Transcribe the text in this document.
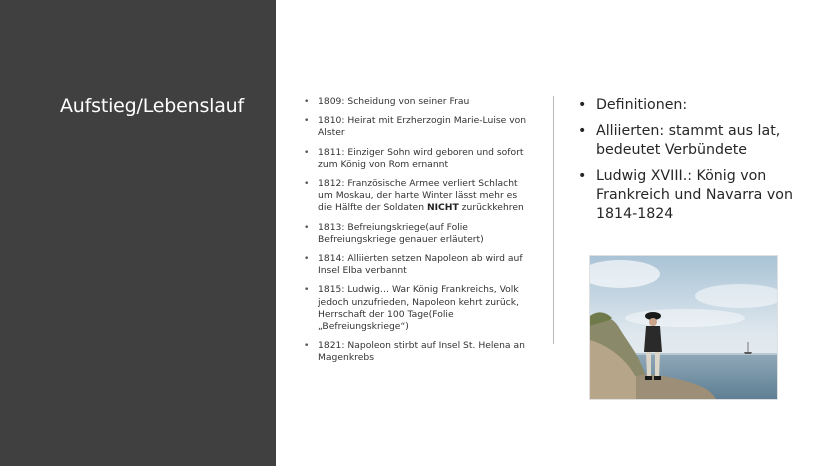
Aufstieg/Lebenslauf	• 1809: Scheidung von seiner Frau
• 1810: Heirat mit Erzherzogin Marie-Luise von Alster
• 1811: Einziger Sohn wird geboren und sofort zum König von Rom ernannt
• 1812: Französische Armee verliert Schlacht um Moskau, der harte Winter lässt mehr es die Hälfte der Soldaten NICHT zurückkehren
• 1813: Befreiungskriege(auf Folie Befreiungskriege genauer erläutert)
• 1814: Alliierten setzen Napoleon ab wird auf Insel Elba verbannt
• 1815: Ludwig… War König Frankreichs, Volk jedoch unzufrieden, Napoleon kehrt zurück, Herrschaft der 100 Tage(Folie „Befreiungskriege“)
• 1821: Napoleon stirbt auf Insel St. Helena an Magenkrebs
• Definitionen:
• Alliierten: stammt aus lat, bedeutet Verbündete
• Ludwig XVIII.: König von Frankreich und Navarra von 1814-1824
